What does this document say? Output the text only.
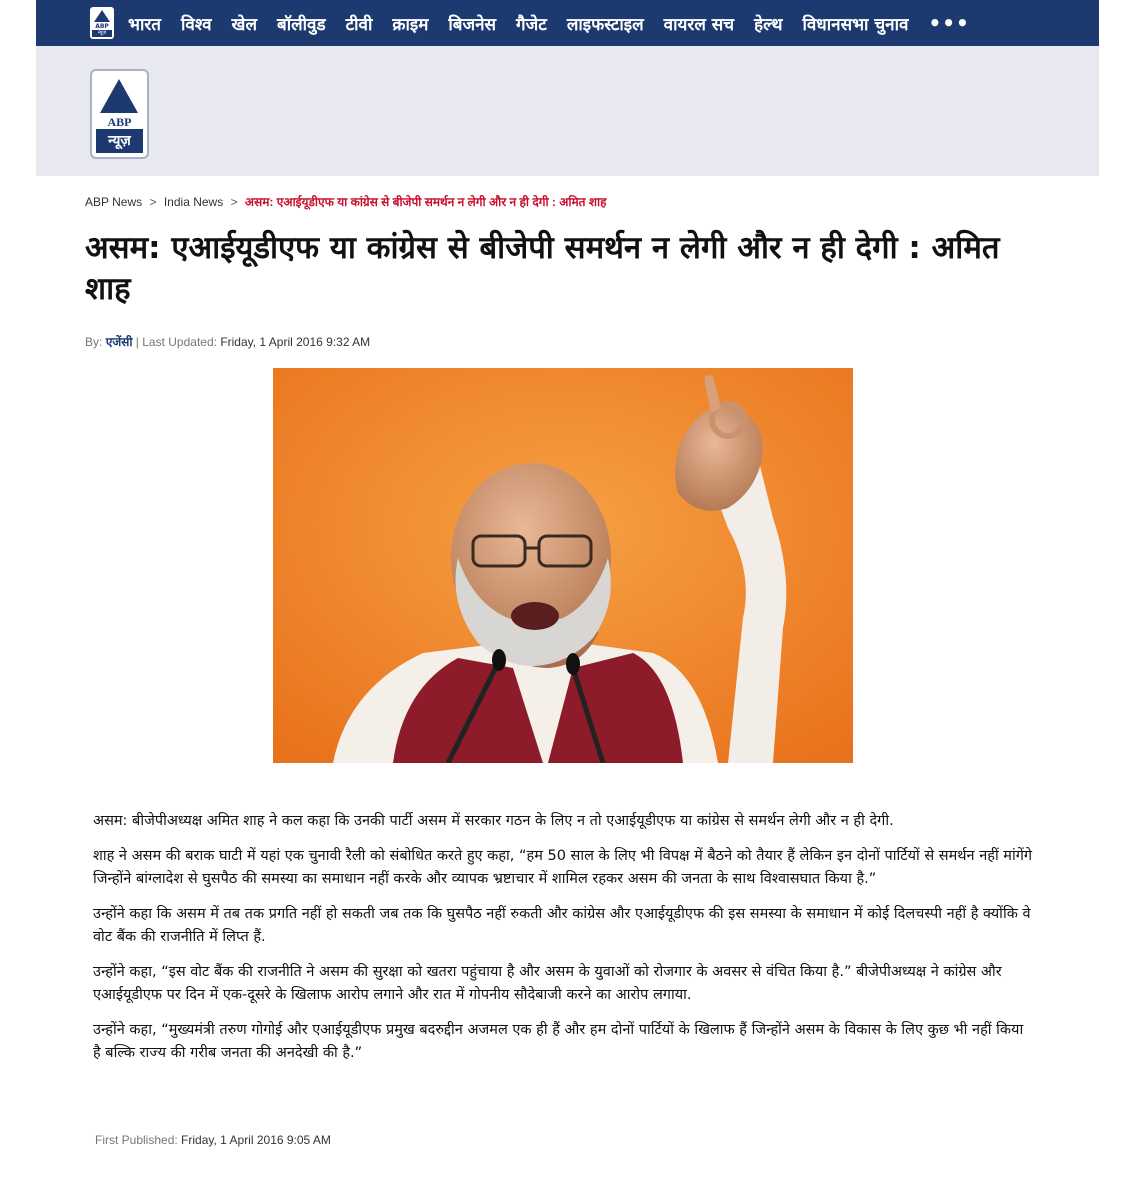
ABP
न्यूज़	भारत विश्व खेल बॉलीवुड टीवी क्राइम बिजनेस गैजेट लाइफस्टाइल वायरल सच हेल्थ विधानसभा चुनाव •••
ABP
न्यूज़
ABP News > India News > असम: एआईयूडीएफ या कांग्रेस से बीजेपी समर्थन न लेगी और न ही देगी : अमित शाह
असम: एआईयूडीएफ या कांग्रेस से बीजेपी समर्थन न लेगी और न ही देगी : अमित शाह
By: एजेंसी | Last Updated: Friday, 1 April 2016 9:32 AM

असम: बीजेपीअध्यक्ष अमित शाह ने कल कहा कि उनकी पार्टी असम में सरकार गठन के लिए न तो एआईयूडीएफ या कांग्रेस से समर्थन लेगी और न ही देगी.

शाह ने असम की बराक घाटी में यहां एक चुनावी रैली को संबोधित करते हुए कहा, “हम 50 साल के लिए भी विपक्ष में बैठने को तैयार हैं लेकिन इन दोनों पार्टियों से समर्थन नहीं मांगेंगे जिन्होंने बांग्लादेश से घुसपैठ की समस्या का समाधान नहीं करके और व्यापक भ्रष्टाचार में शामिल रहकर असम की जनता के साथ विश्वासघात किया है.”

उन्होंने कहा कि असम में तब तक प्रगति नहीं हो सकती जब तक कि घुसपैठ नहीं रुकती और कांग्रेस और एआईयूडीएफ की इस समस्या के समाधान में कोई दिलचस्पी नहीं है क्योंकि वे वोट बैंक की राजनीति में लिप्त हैं.

उन्होंने कहा, “इस वोट बैंक की राजनीति ने असम की सुरक्षा को खतरा पहुंचाया है और असम के युवाओं को रोजगार के अवसर से वंचित किया है.” बीजेपीअध्यक्ष ने कांग्रेस और एआईयूडीएफ पर दिन में एक-दूसरे के खिलाफ आरोप लगाने और रात में गोपनीय सौदेबाजी करने का आरोप लगाया.

उन्होंने कहा, “मुख्यमंत्री तरुण गोगोई और एआईयूडीएफ प्रमुख बदरुद्दीन अजमल एक ही हैं और हम दोनों पार्टियों के खिलाफ हैं जिन्होंने असम के विकास के लिए कुछ भी नहीं किया है बल्कि राज्य की गरीब जनता की अनदेखी की है.”

First Published: Friday, 1 April 2016 9:05 AM
